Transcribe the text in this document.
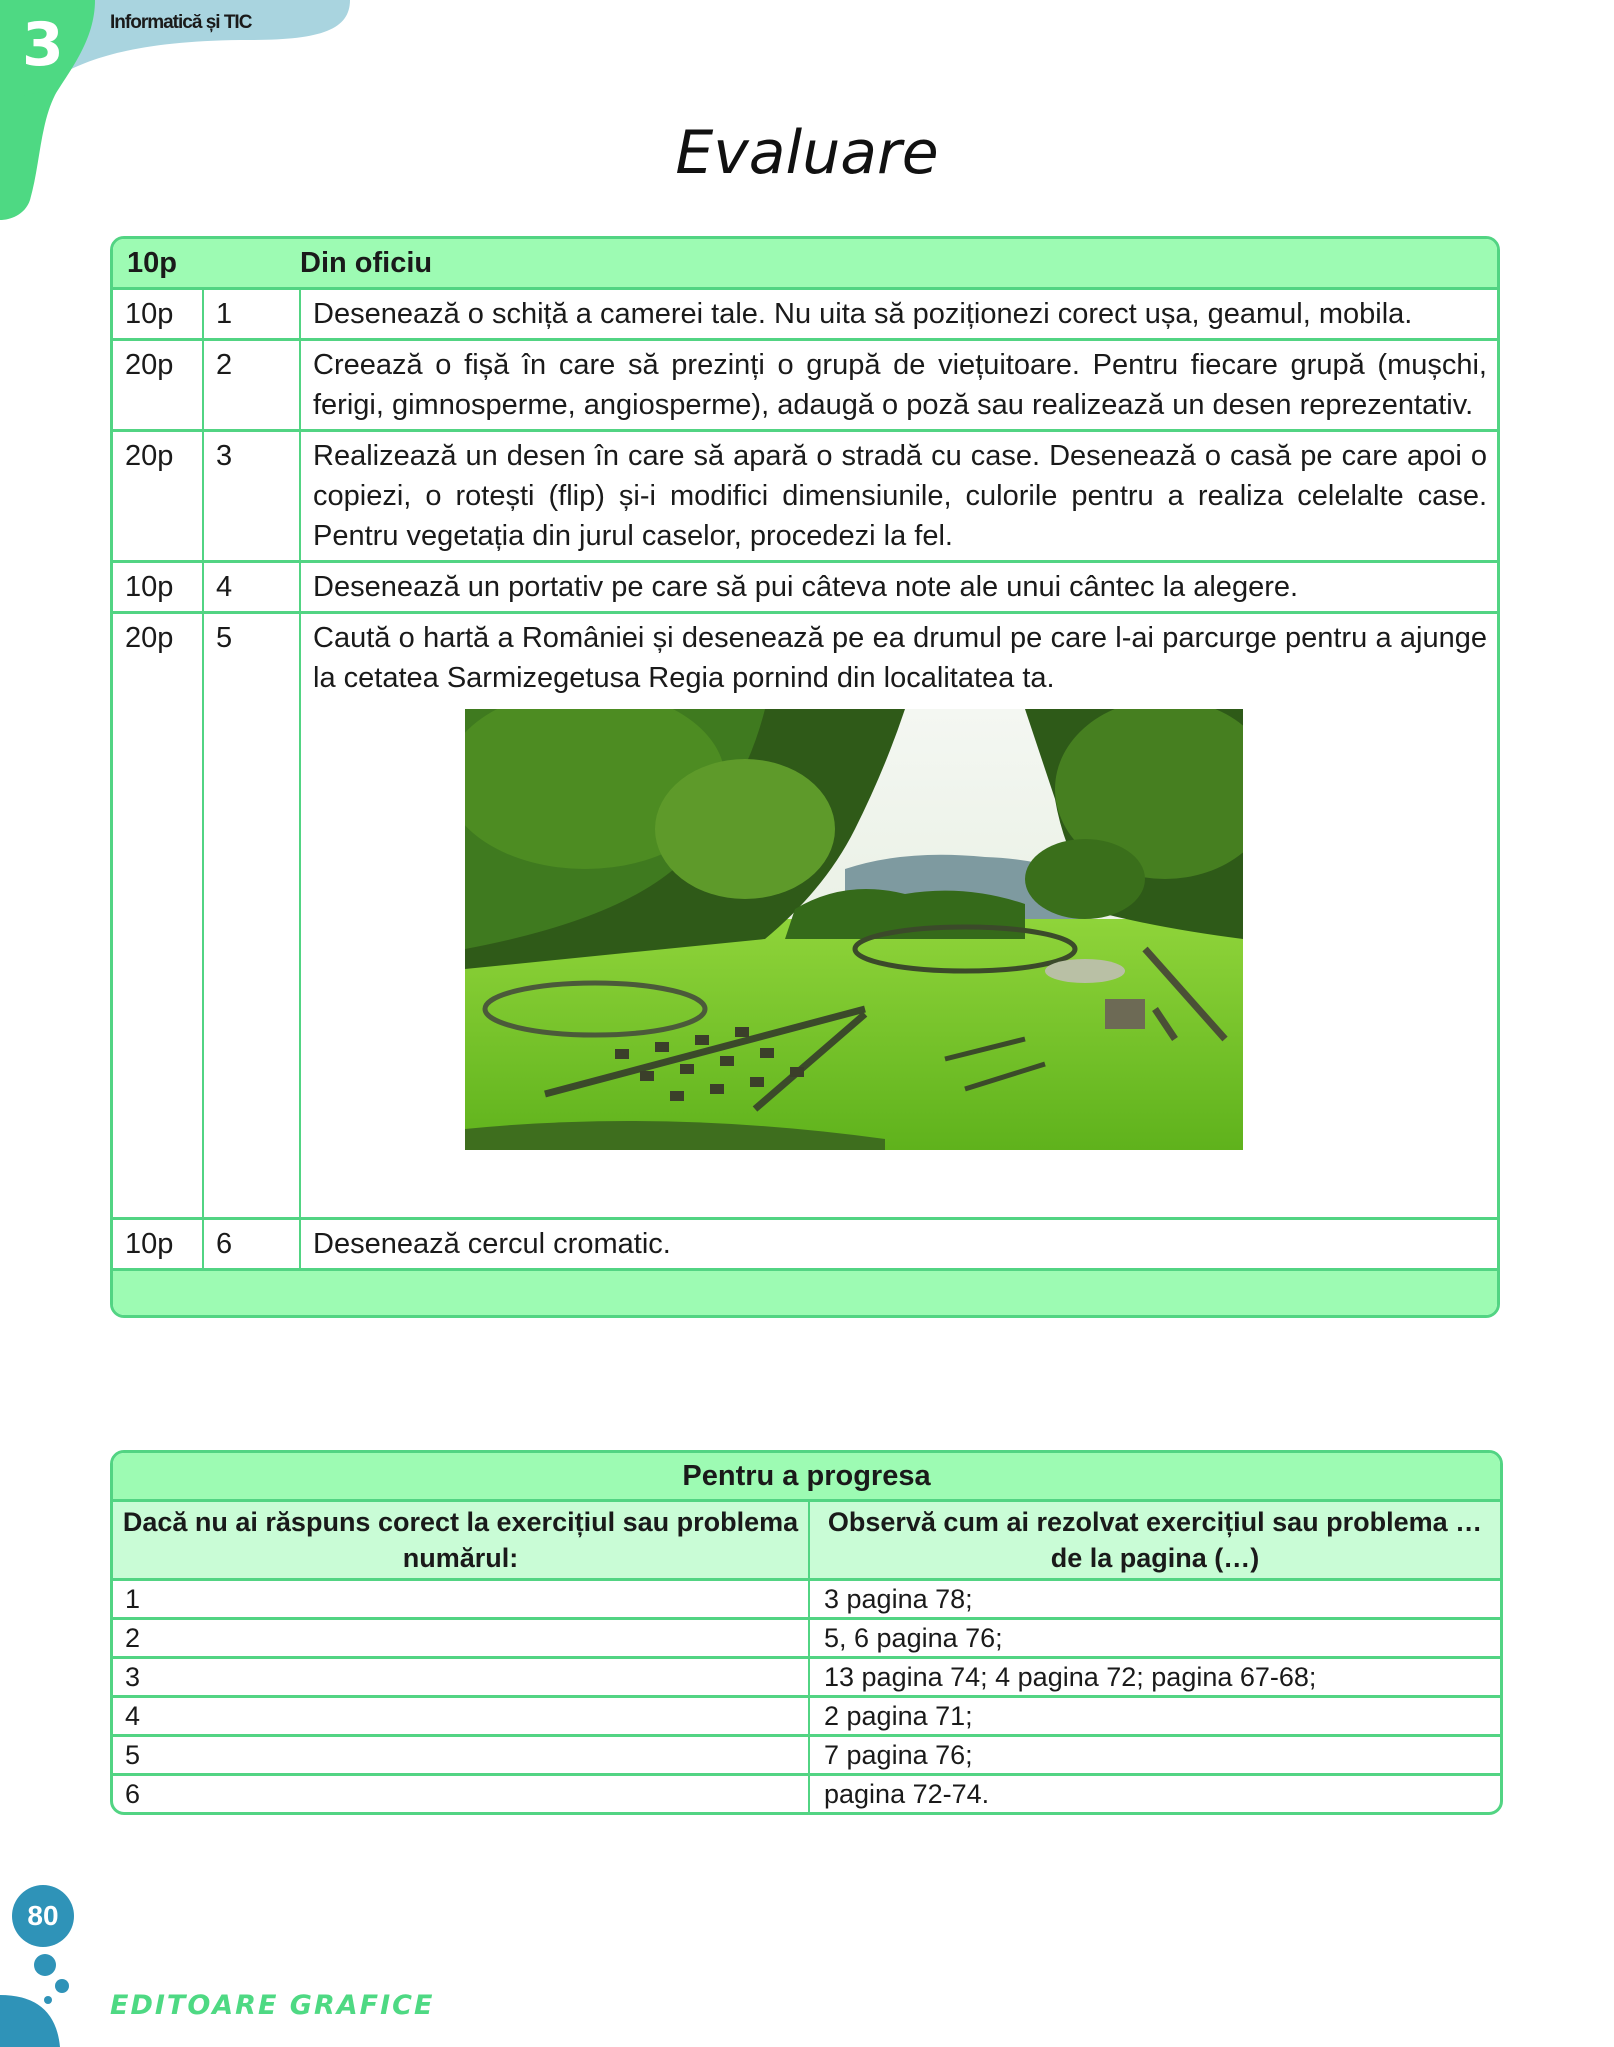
3 Informatică și TIC
Evaluare
10p	Din oficiu
10p	1	Desenează o schiță a camerei tale. Nu uita să poziționezi corect ușa, geamul, mobila.
20p	2	Creează o fișă în care să prezinți o grupă de viețuitoare. Pentru fiecare grupă (mușchi, ferigi, gimnosperme, angiosperme), adaugă o poză sau realizează un desen reprezentativ.
20p	3	Realizează un desen în care să apară o stradă cu case. Desenează o casă pe care apoi o copiezi, o rotești (flip) și-i modifici dimensiunile, culorile pentru a realiza celelalte case. Pentru vegetația din jurul caselor, procedezi la fel.
10p	4	Desenează un portativ pe care să pui câteva note ale unui cântec la alegere.
20p	5	Caută o hartă a României și desenează pe ea drumul pe care l-ai parcurge pentru a ajunge la cetatea Sarmizegetusa Regia pornind din localitatea ta.
10p	6	Desenează cercul cromatic.
Pentru a progresa
Dacă nu ai răspuns corect la exercițiul sau problema numărul:
Observă cum ai rezolvat exercițiul sau problema … de la pagina (…)
1	3 pagina 78;
2	5, 6 pagina 76;
3	13 pagina 74; 4 pagina 72; pagina 67-68;
4	2 pagina 71;
5	7 pagina 76;
6	pagina 72-74.
80
EDITOARE GRAFICE
